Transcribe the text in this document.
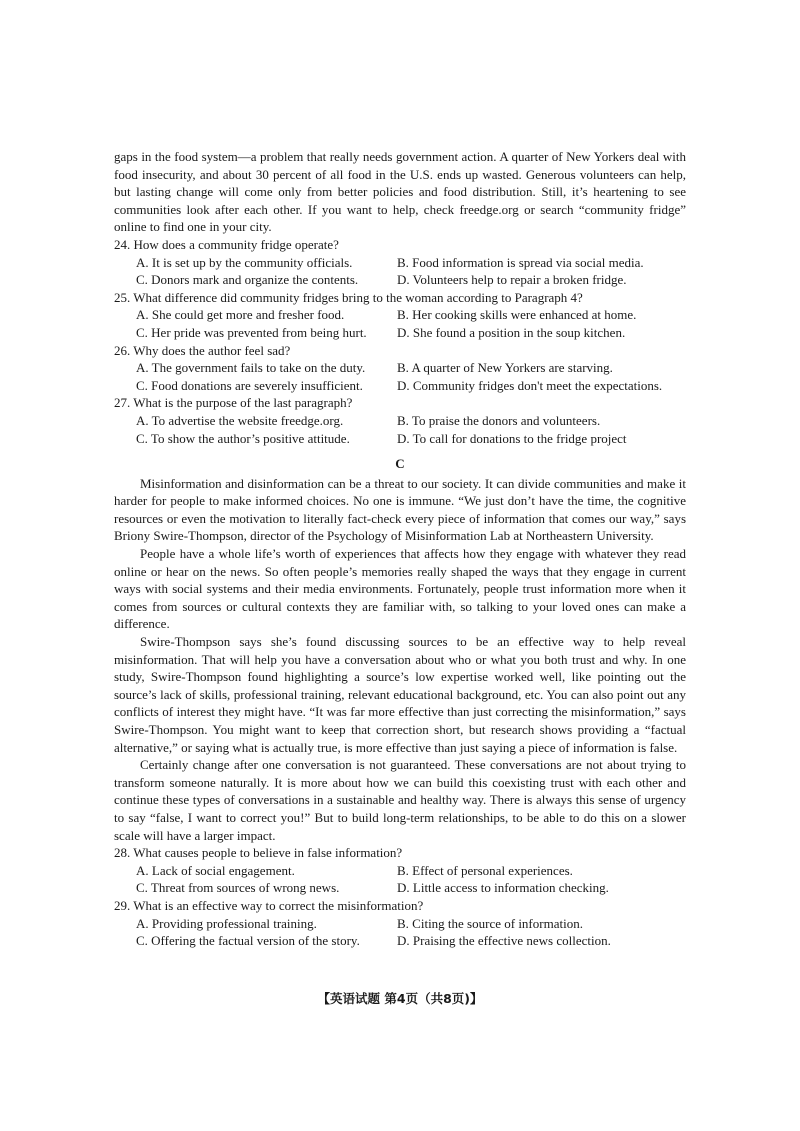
gaps in the food system—a problem that really needs government action. A quarter of New Yorkers deal with food insecurity, and about 30 percent of all food in the U.S. ends up wasted. Generous volunteers can help, but lasting change will come only from better policies and food distribution. Still, it’s heartening to see communities look after each other. If you want to help, check freedge.org or search “community fridge” online to find one in your city.

24. How does a community fridge operate?

A. It is set up by the community officials.	B. Food information is spread via social media.
C. Donors mark and organize the contents.	D. Volunteers help to repair a broken fridge.

25. What difference did community fridges bring to the woman according to Paragraph 4?

A. She could get more and fresher food.	B. Her cooking skills were enhanced at home.
C. Her pride was prevented from being hurt.	D. She found a position in the soup kitchen.

26. Why does the author feel sad?

A. The government fails to take on the duty.	B. A quarter of New Yorkers are starving.
C. Food donations are severely insufficient.	D. Community fridges don't meet the expectations.

27. What is the purpose of the last paragraph?

A. To advertise the website freedge.org.	B. To praise the donors and volunteers.
C. To show the author’s positive attitude.	D. To call for donations to the fridge project
C

Misinformation and disinformation can be a threat to our society. It can divide communities and make it harder for people to make informed choices. No one is immune. “We just don’t have the time, the cognitive resources or even the motivation to literally fact-check every piece of information that comes our way,” says Briony Swire-Thompson, director of the Psychology of Misinformation Lab at Northeastern University.

People have a whole life’s worth of experiences that affects how they engage with whatever they read online or hear on the news. So often people’s memories really shaped the ways that they engage in current ways with social systems and their media environments. Fortunately, people trust information more when it comes from sources or cultural contexts they are familiar with, so talking to your loved ones can make a difference.

Swire-Thompson says she’s found discussing sources to be an effective way to help reveal misinformation. That will help you have a conversation about who or what you both trust and why. In one study, Swire-Thompson found highlighting a source’s low expertise worked well, like pointing out the source’s lack of skills, professional training, relevant educational background, etc. You can also point out any conflicts of interest they might have. “It was far more effective than just correcting the misinformation,” says Swire-Thompson. You might want to keep that correction short, but research shows providing a “factual alternative,” or saying what is actually true, is more effective than just saying a piece of information is false.

Certainly change after one conversation is not guaranteed. These conversations are not about trying to transform someone naturally. It is more about how we can build this coexisting trust with each other and continue these types of conversations in a sustainable and healthy way. There is always this sense of urgency to say “false, I want to correct you!” But to build long-term relationships, to be able to do this on a slower scale will have a larger impact.

28. What causes people to believe in false information?

A. Lack of social engagement.	B. Effect of personal experiences.
C. Threat from sources of wrong news.	D. Little access to information checking.

29. What is an effective way to correct the misinformation?

A. Providing professional training.	B. Citing the source of information.
C. Offering the factual version of the story.	D. Praising the effective news collection.
【英语试题 第4页（共8页)】
